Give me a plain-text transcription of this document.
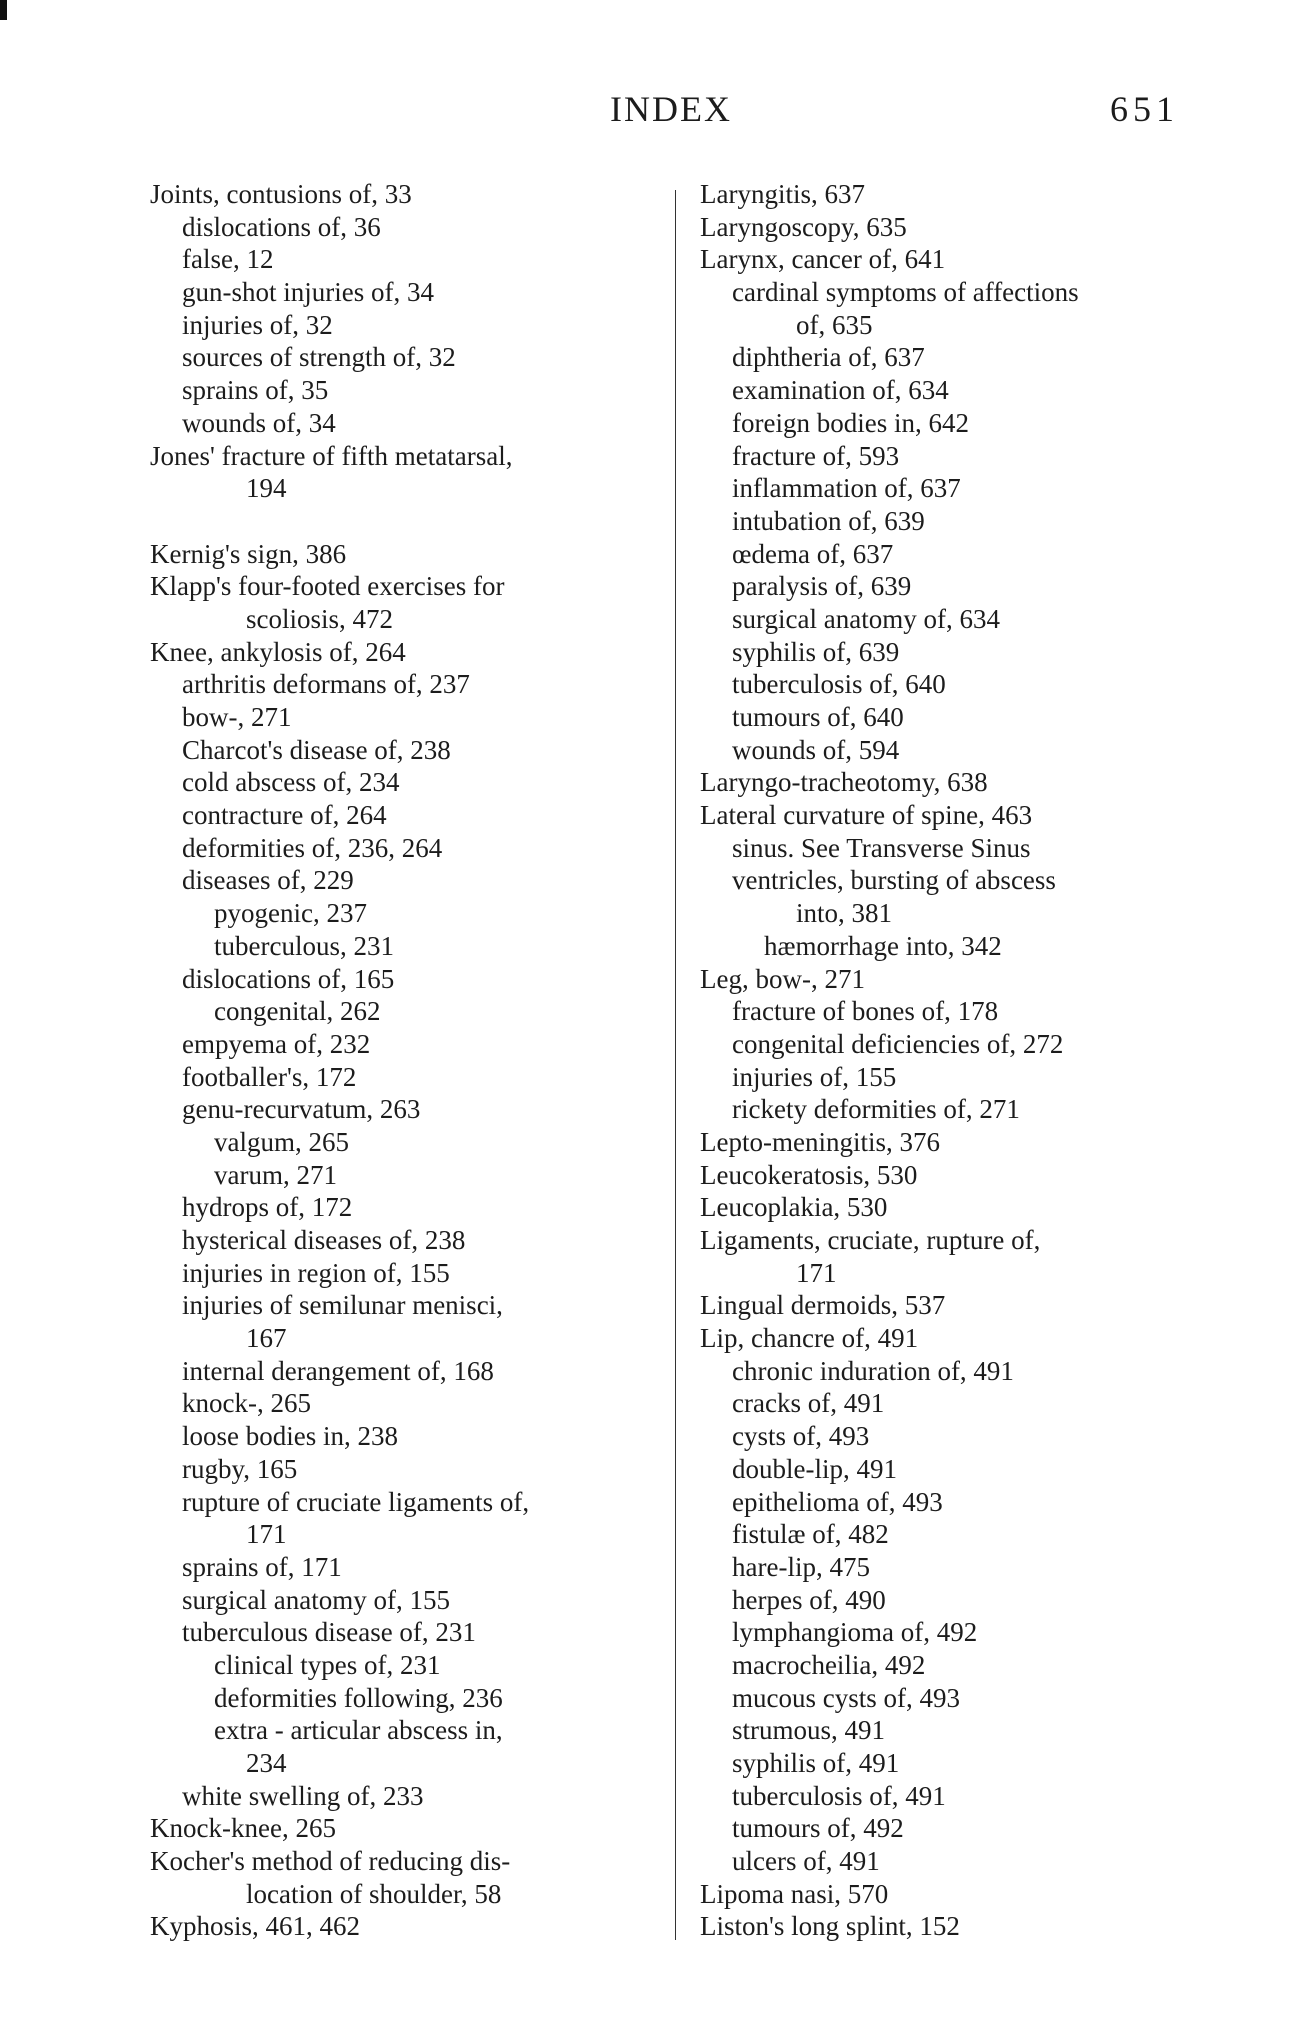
INDEX	651
Joints, contusions of, 33
dislocations of, 36
false, 12
gun-shot injuries of, 34
injuries of, 32
sources of strength of, 32
sprains of, 35
wounds of, 34
Jones' fracture of fifth metatarsal,
194
Kernig's sign, 386
Klapp's four-footed exercises for
scoliosis, 472
Knee, ankylosis of, 264
arthritis deformans of, 237
bow-, 271
Charcot's disease of, 238
cold abscess of, 234
contracture of, 264
deformities of, 236, 264
diseases of, 229
pyogenic, 237
tuberculous, 231
dislocations of, 165
congenital, 262
empyema of, 232
footballer's, 172
genu-recurvatum, 263
valgum, 265
varum, 271
hydrops of, 172
hysterical diseases of, 238
injuries in region of, 155
injuries of semilunar menisci,
167
internal derangement of, 168
knock-, 265
loose bodies in, 238
rugby, 165
rupture of cruciate ligaments of,
171
sprains of, 171
surgical anatomy of, 155
tuberculous disease of, 231
clinical types of, 231
deformities following, 236
extra - articular abscess in,
234
white swelling of, 233
Knock-knee, 265
Kocher's method of reducing dis-
location of shoulder, 58
Kyphosis, 461, 462
Laryngitis, 637
Laryngoscopy, 635
Larynx, cancer of, 641
cardinal symptoms of affections
of, 635
diphtheria of, 637
examination of, 634
foreign bodies in, 642
fracture of, 593
inflammation of, 637
intubation of, 639
œdema of, 637
paralysis of, 639
surgical anatomy of, 634
syphilis of, 639
tuberculosis of, 640
tumours of, 640
wounds of, 594
Laryngo-tracheotomy, 638
Lateral curvature of spine, 463
sinus. See Transverse Sinus
ventricles, bursting of abscess
into, 381
hæmorrhage into, 342
Leg, bow-, 271
fracture of bones of, 178
congenital deficiencies of, 272
injuries of, 155
rickety deformities of, 271
Lepto-meningitis, 376
Leucokeratosis, 530
Leucoplakia, 530
Ligaments, cruciate, rupture of,
171
Lingual dermoids, 537
Lip, chancre of, 491
chronic induration of, 491
cracks of, 491
cysts of, 493
double-lip, 491
epithelioma of, 493
fistulæ of, 482
hare-lip, 475
herpes of, 490
lymphangioma of, 492
macrocheilia, 492
mucous cysts of, 493
strumous, 491
syphilis of, 491
tuberculosis of, 491
tumours of, 492
ulcers of, 491
Lipoma nasi, 570
Liston's long splint, 152
